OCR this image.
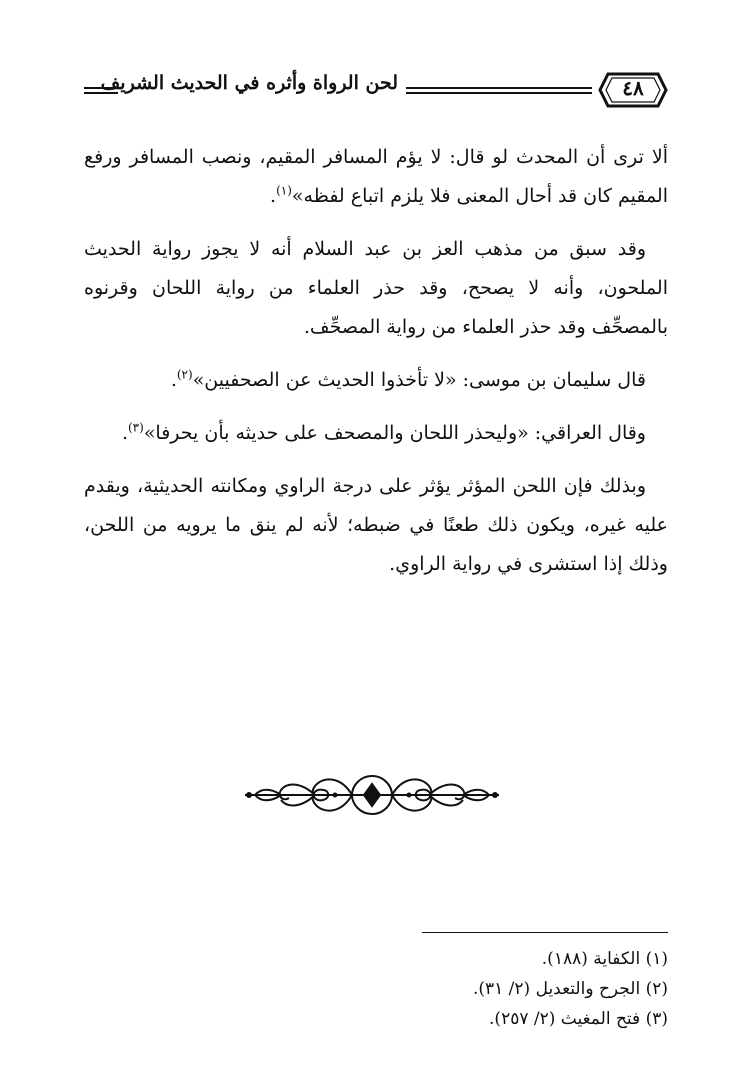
لحن الرواة وأثره في الحديث الشريف	٤٨

ألا ترى أن المحدث لو قال: لا يؤم المسافر المقيم، ونصب المسافر ورفع المقيم كان قد أحال المعنى فلا يلزم اتباع لفظه»$^{(١)}$.

وقد سبق من مذهب العز بن عبد السلام أنه لا يجوز رواية الحديث الملحون، وأنه لا يصحح، وقد حذر العلماء من رواية اللحان وقرنوه بالمصحِّف وقد حذر العلماء من رواية المصحِّف.

قال سليمان بن موسى: «لا تأخذوا الحديث عن الصحفيين»$^{(٢)}$.

وقال العراقي: «وليحذر اللحان والمصحف على حديثه بأن يحرفا»$^{(٣)}$.

وبذلك فإن اللحن المؤثر يؤثر على درجة الراوي ومكانته الحديثية، ويقدم عليه غيره، ويكون ذلك طعنًا في ضبطه؛ لأنه لم ينق ما يرويه من اللحن، وذلك إذا استشرى في رواية الراوي.

(١) الكفاية (١٨٨).
(٢) الجرح والتعديل (٢/ ٣١).
(٣) فتح المغيث (٢/ ٢٥٧).
